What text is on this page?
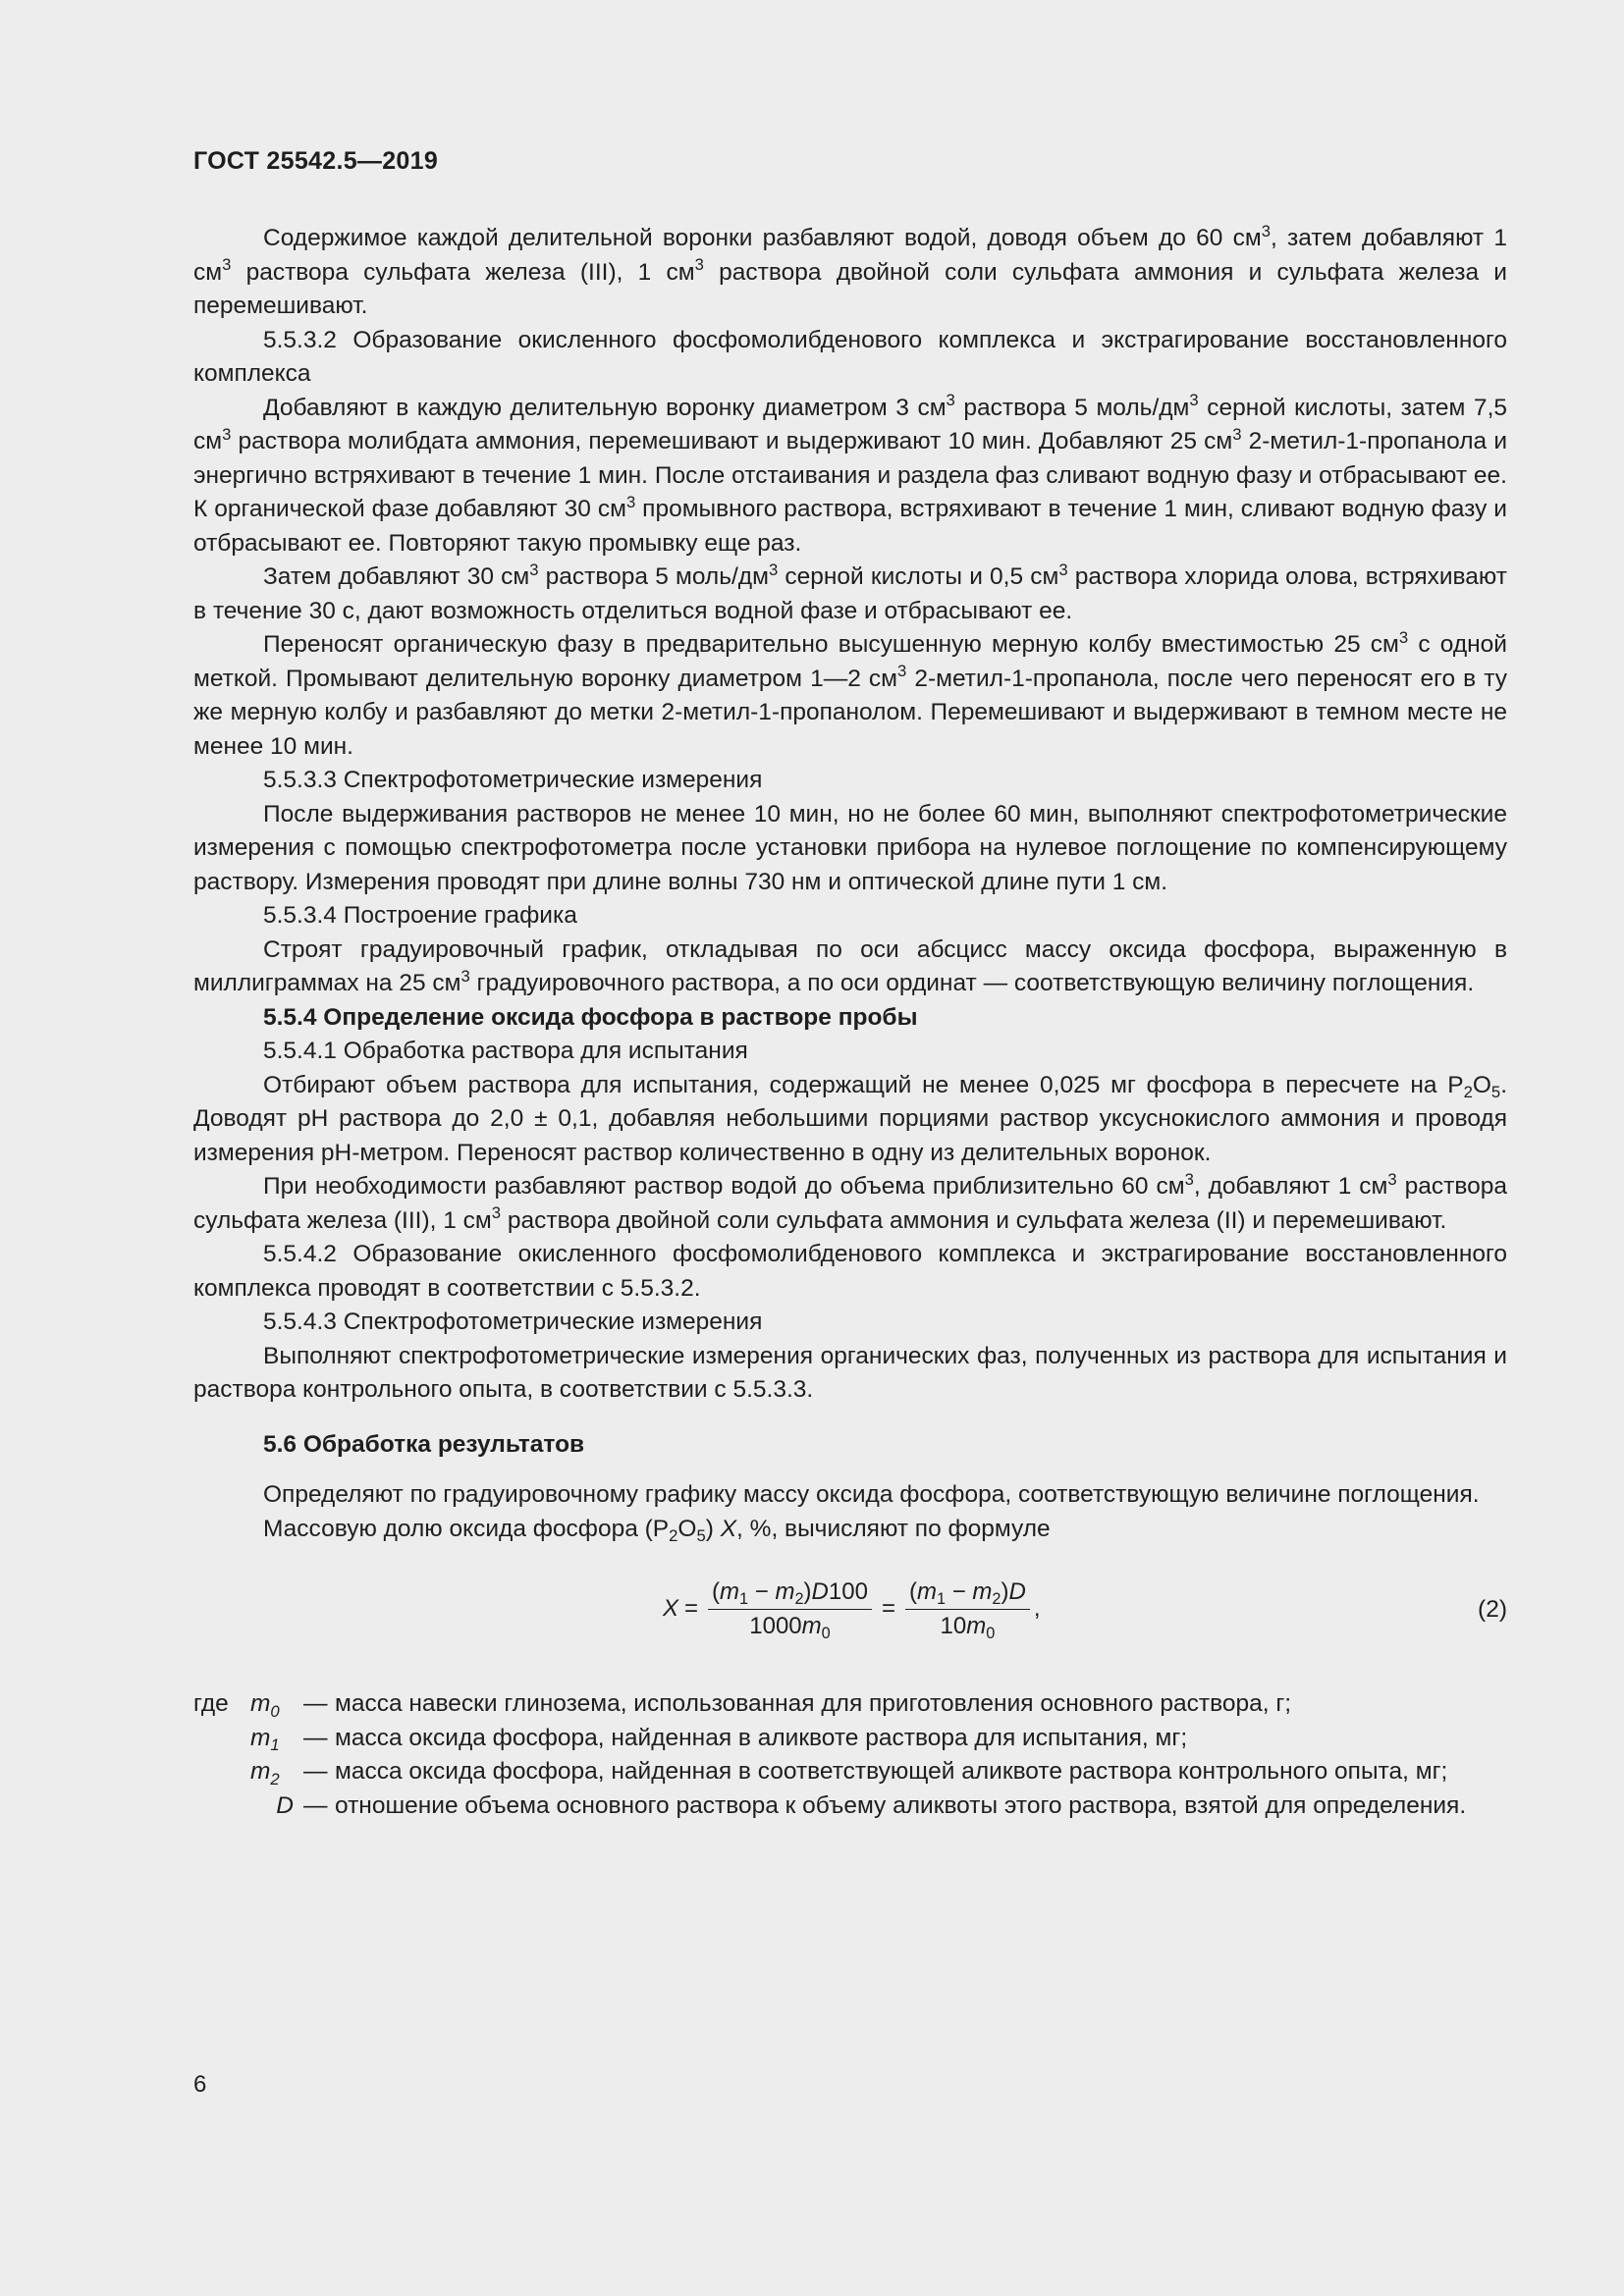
ГОСТ 25542.5—2019

Содержимое каждой делительной воронки разбавляют водой, доводя объем до 60 $см^3$, затем добавляют 1 $см^3$ раствора сульфата железа (III), 1 $см^3$ раствора двойной соли сульфата аммония и сульфата железа и перемешивают.

5.5.3.2 Образование окисленного фосфомолибденового комплекса и экстрагирование восстановленного комплекса

Добавляют в каждую делительную воронку диаметром 3 $см^3$ раствора 5 моль/$дм^3$ серной кислоты, затем 7,5 $см^3$ раствора молибдата аммония, перемешивают и выдерживают 10 мин. Добавляют 25 $см^3$ 2-метил-1-пропанола и энергично встряхивают в течение 1 мин. После отстаивания и раздела фаз сливают водную фазу и отбрасывают ее. К органической фазе добавляют 30 $см^3$ промывного раствора, встряхивают в течение 1 мин, сливают водную фазу и отбрасывают ее. Повторяют такую промывку еще раз.

Затем добавляют 30 $см^3$ раствора 5 моль/$дм^3$ серной кислоты и 0,5 $см^3$ раствора хлорида олова, встряхивают в течение 30 с, дают возможность отделиться водной фазе и отбрасывают ее.

Переносят органическую фазу в предварительно высушенную мерную колбу вместимостью 25 $см^3$ с одной меткой. Промывают делительную воронку диаметром 1—2 $см^3$ 2-метил-1-пропанола, после чего переносят его в ту же мерную колбу и разбавляют до метки 2-метил-1-пропанолом. Перемешивают и выдерживают в темном месте не менее 10 мин.

5.5.3.3 Спектрофотометрические измерения

После выдерживания растворов не менее 10 мин, но не более 60 мин, выполняют спектрофотометрические измерения с помощью спектрофотометра после установки прибора на нулевое поглощение по компенсирующему раствору. Измерения проводят при длине волны 730 нм и оптической длине пути 1 см.

5.5.3.4 Построение графика

Строят градуировочный график, откладывая по оси абсцисс массу оксида фосфора, выраженную в миллиграммах на 25 $см^3$ градуировочного раствора, а по оси ординат — соответствующую величину поглощения.

5.5.4 Определение оксида фосфора в растворе пробы

5.5.4.1 Обработка раствора для испытания

Отбирают объем раствора для испытания, содержащий не менее 0,025 мг фосфора в пересчете на $P_2O_5$. Доводят pH раствора до 2,0 ± 0,1, добавляя небольшими порциями раствор уксуснокислого аммония и проводя измерения pH-метром. Переносят раствор количественно в одну из делительных воронок.

При необходимости разбавляют раствор водой до объема приблизительно 60 $см^3$, добавляют 1 $см^3$ раствора сульфата железа (III), 1 $см^3$ раствора двойной соли сульфата аммония и сульфата железа (II) и перемешивают.

5.5.4.2 Образование окисленного фосфомолибденового комплекса и экстрагирование восстановленного комплекса проводят в соответствии с 5.5.3.2.

5.5.4.3 Спектрофотометрические измерения

Выполняют спектрофотометрические измерения органических фаз, полученных из раствора для испытания и раствора контрольного опыта, в соответствии с 5.5.3.3.

5.6 Обработка результатов

Определяют по градуировочному графику массу оксида фосфора, соответствующую величине поглощения.

Массовую долю оксида фосфора $(P_2O_5)$ X, %, вычисляют по формуле

$X = \frac{(m_1 - m_2)D100}{1000m_0} = \frac{(m_1 - m_2)D}{10m_0}$ ,	(2)
где $m_0$ — масса навески глинозема, использованная для приготовления основного раствора, г;
$m_1$ — масса оксида фосфора, найденная в аликвоте раствора для испытания, мг;
$m_2$ — масса оксида фосфора, найденная в соответствующей аликвоте раствора контрольного опыта, мг;
D — отношение объема основного раствора к объему аликвоты этого раствора, взятой для определения.
6
